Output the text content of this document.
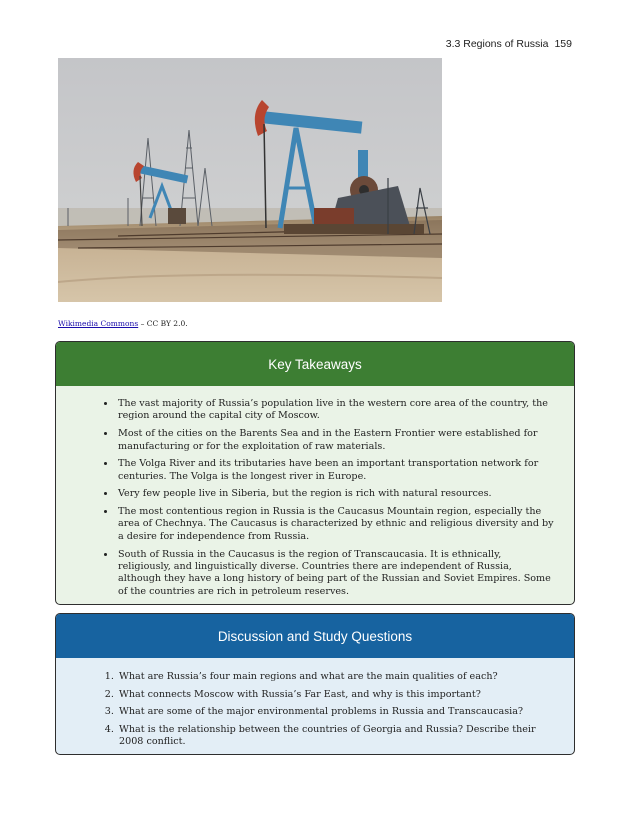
3.3 Regions of Russia 159
Wikimedia Commons – CC BY 2.0.
Key Takeaways
• The vast majority of Russia’s population live in the western core area of the country, the region around the capital city of Moscow.
• Most of the cities on the Barents Sea and in the Eastern Frontier were established for manufacturing or for the exploitation of raw materials.
• The Volga River and its tributaries have been an important transportation network for centuries. The Volga is the longest river in Europe.
• Very few people live in Siberia, but the region is rich with natural resources.
• The most contentious region in Russia is the Caucasus Mountain region, especially the area of Chechnya. The Caucasus is characterized by ethnic and religious diversity and by a desire for independence from Russia.
• South of Russia in the Caucasus is the region of Transcaucasia. It is ethnically, religiously, and linguistically diverse. Countries there are independent of Russia, although they have a long history of being part of the Russian and Soviet Empires. Some of the countries are rich in petroleum reserves.
Discussion and Study Questions
1. What are Russia’s four main regions and what are the main qualities of each?
2. What connects Moscow with Russia’s Far East, and why is this important?
3. What are some of the major environmental problems in Russia and Transcaucasia?
4. What is the relationship between the countries of Georgia and Russia? Describe their 2008 conflict.
